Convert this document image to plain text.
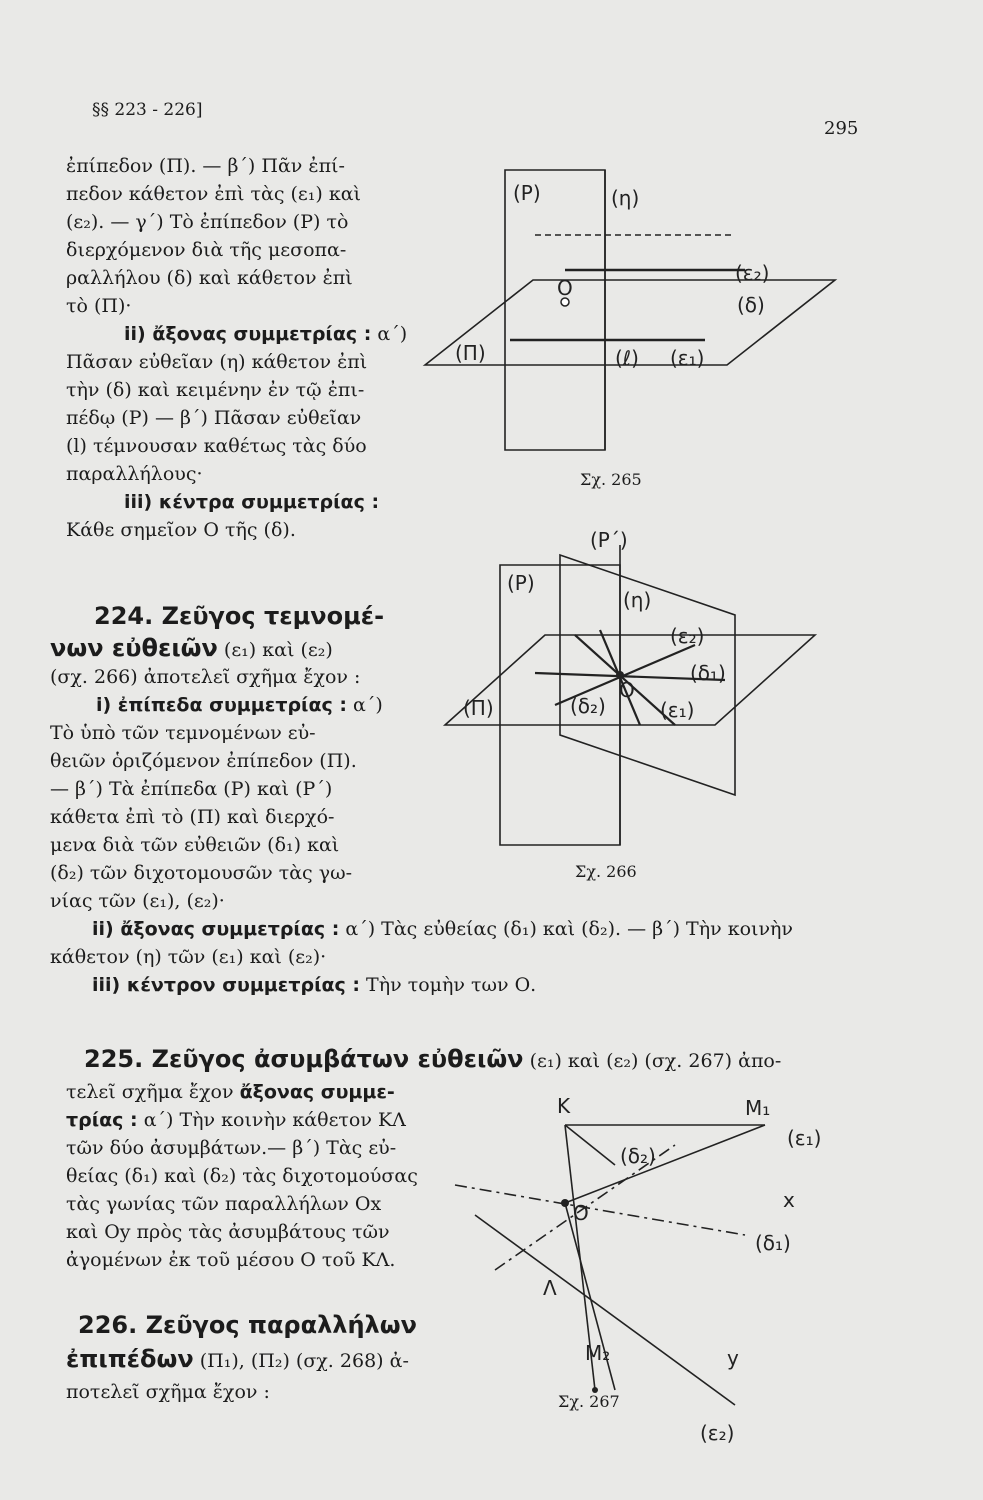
§§ 223 - 226]
295

ἐπίπεδον (Π). — β΄) Πᾶν ἐπί-

πεδον κάθετον ἐπὶ τὰς (ε₁) καὶ

(ε₂). — γ΄) Τὸ ἐπίπεδον (P) τὸ

διερχόμενον διὰ τῆς μεσοπα-

ραλλήλου (δ) καὶ κάθετον ἐπὶ

τὸ (Π)·

ii) ἄξονας συμμετρίας : α΄)

Πᾶσαν εὐθεῖαν (η) κάθετον ἐπὶ

τὴν (δ) καὶ κειμένην ἐν τῷ ἐπι-

πέδῳ (P) — β΄) Πᾶσαν εὐθεῖαν

(l) τέμνουσαν καθέτως τὰς δύο

παραλλήλους·

iii) κέντρα συμμετρίας :

Κάθε σημεῖον Ο τῆς (δ).

224. Ζεῦγος τεμνομέ-

νων εὐθειῶν (ε₁) καὶ (ε₂)

(σχ. 266) ἀποτελεῖ σχῆμα ἔχον :

i) ἐπίπεδα συμμετρίας : α΄)

Τὸ ὑπὸ τῶν τεμνομένων εὐ-

θειῶν ὁριζόμενον ἐπίπεδον (Π).

— β΄) Τὰ ἐπίπεδα (P) καὶ (P΄)

κάθετα ἐπὶ τὸ (Π) καὶ διερχό-

μενα διὰ τῶν εὐθειῶν (δ₁) καὶ

(δ₂) τῶν διχοτομουσῶν τὰς γω-

νίας τῶν (ε₁), (ε₂)·

ii) ἄξονας συμμετρίας : α΄) Τὰς εὐθείας (δ₁) καὶ (δ₂). — β΄) Τὴν κοινὴν

κάθετον (η) τῶν (ε₁) καὶ (ε₂)·

iii) κέντρον συμμετρίας : Τὴν τομὴν των Ο.

225. Ζεῦγος ἀσυμβάτων εὐθειῶν (ε₁) καὶ (ε₂) (σχ. 267) ἀπο-

τελεῖ σχῆμα ἔχον ἄξονας συμμε-

τρίας : α΄) Τὴν κοινὴν κάθετον ΚΛ

τῶν δύο ἀσυμβάτων.— β΄) Τὰς εὐ-

θείας (δ₁) καὶ (δ₂) τὰς διχοτομούσας

τὰς γωνίας τῶν παραλλήλων Οx

καὶ Οy πρὸς τὰς ἀσυμβάτους τῶν

ἀγομένων ἐκ τοῦ μέσου Ο τοῦ ΚΛ.

226. Ζεῦγος παραλλήλων

ἐπιπέδων (Π₁), (Π₂) (σχ. 268) ἀ-

ποτελεῖ σχῆμα ἔχον :

(P)	(η)
(ε₂)
O
(δ)
(Π)	(ℓ) (ε₁)
Σχ. 265
(P΄)
(P)
(η)
(ε₂)
(δ₁)
(Π)	(δ₂)
O
(ε₁)
Σχ. 266
K	M₁
(ε₁)
(δ₂)
x
O
(δ₁)
Λ
M₂	y
(ε₂)
Σχ. 267
